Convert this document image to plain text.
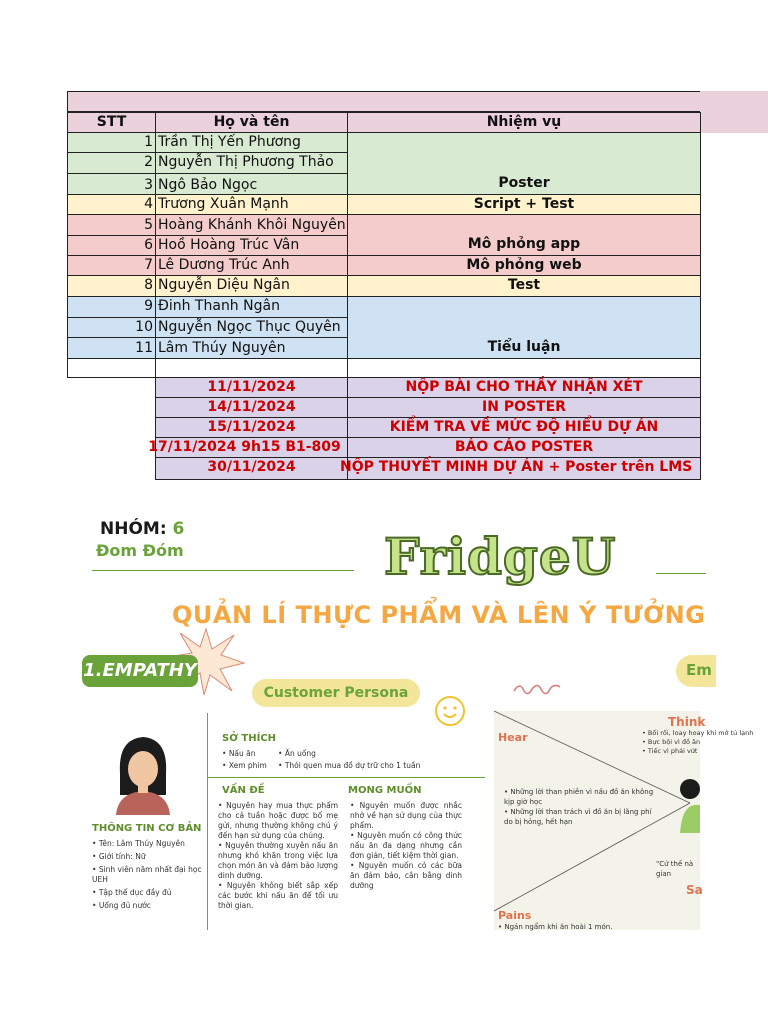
STT	Họ và tên	Nhiệm vụ
1 Trần Thị Yến Phương
2 Nguyễn Thị Phương Thảo
3 Ngô Bảo Ngọc	Poster
4 Trương Xuân Mạnh	Script + Test
5 Hoàng Khánh Khôi Nguyên
6 Hoồ Hoàng Trúc Vân	Mô phỏng app
7 Lê Dương Trúc Anh	Mô phỏng web
8 Nguyễn Diệu Ngân	Test
9 Đinh Thanh Ngân
10 Nguyễn Ngọc Thục Quyên
11 Lâm Thúy Nguyên	Tiểu luận
11/11/2024	NỘP BÀI CHO THẦY NHẬN XÉT
14/11/2024	IN POSTER
15/11/2024	KIỂM TRA VỀ MỨC ĐỘ HIỂU DỰ ÁN
17/11/2024 9h15 B1-809	BÁO CÁO POSTER
30/11/2024	NỘP THUYẾT MINH DỰ ÁN + Poster trên LMS
NHÓM: 6
Đom Đóm	FridgeU
QUẢN LÍ THỰC PHẨM VÀ LÊN Ý TƯỞNG
1.EMPATHY
Customer Persona
SỞ THÍCH
• Nấu ăn	• Ăn uống
• Xem phim • Thói quen mua đồ dự trữ cho 1 tuần
VẤN ĐỀ
• Nguyên hay mua thực phẩm cho cả tuần hoặc được bố mẹ gửi, nhưng thường không chú ý đến hạn sử dụng của chúng.
• Nguyên thường xuyên nấu ăn nhưng khó khăn trong việc lựa chọn món ăn và đảm bảo lượng dinh dưỡng.
• Nguyên không biết sắp xếp các bước khi nấu ăn để tối ưu thời gian.
MONG MUỐN
• Nguyên muốn được nhắc nhở về hạn sử dụng của thực phẩm.
• Nguyên muốn có công thức nấu ăn đa dạng nhưng cần đơn giản, tiết kiệm thời gian.
• Nguyên muốn có các bữa ăn đảm bảo, cân bằng dinh dưỡng
THÔNG TIN CƠ BẢN
• Tên: Lâm Thúy Nguyên
• Giới tính: Nữ
• Sinh viên năm nhất đại học UEH
• Tập thể dục đầy đủ
• Uống đủ nước
Em
Hear
• Những lời than phiền vì nấu đồ ăn không kịp giờ học
• Những lời than trách vì đồ ăn bị lãng phí do bị hỏng, hết hạn
Think
• Bối rối, loay hoay khi mở tủ lạnh
• Bực bội vì đồ ăn
• Tiếc vì phải vứt
"Cứ thế nà gian
Sa
Pains
• Ngán ngẩm khi ăn hoài 1 món.
